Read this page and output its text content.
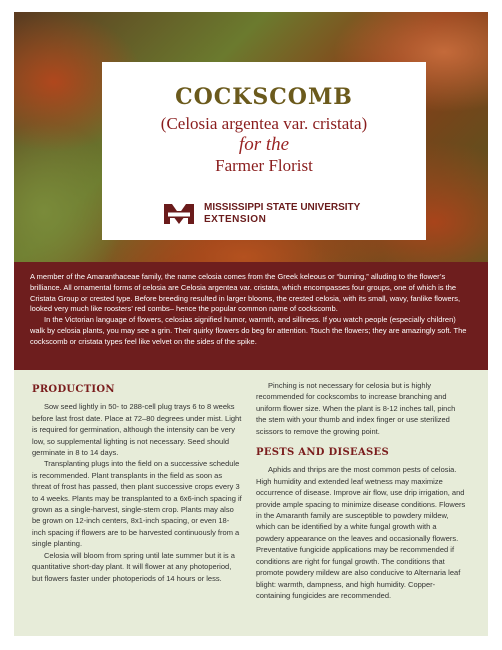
COCKSCOMB
(Celosia argentea var. cristata)
for the
Farmer Florist
MISSISSIPPI STATE UNIVERSITY
EXTENSION

A member of the Amaranthaceae family, the name celosia comes from the Greek keleous or “burning,” alluding to the flower’s brilliance. All ornamental forms of celosia are Celosia argentea var. cristata, which encompasses four groups, one of which is the Cristata Group or crested type. Before breeding resulted in larger blooms, the crested celosia, with its small, wavy, fanlike flowers, looked very much like roosters’ red combs– hence the popular common name of cockscomb.

In the Victorian language of flowers, celosias signified humor, warmth, and silliness. If you watch people (especially children) walk by celosia plants, you may see a grin. Their quirky flowers do beg for attention. Touch the flowers; they are amazingly soft. The cockscomb or cristata types feel like velvet on the sides of the spike.

PRODUCTION

Sow seed lightly in 50- to 288-cell plug trays 6 to 8 weeks before last frost date. Place at 72–80 degrees under mist. Light is required for germination, although the intensity can be very low, so supplemental lighting is not necessary. Seed should germinate in 8 to 14 days.

Transplanting plugs into the field on a successive schedule is recommended. Plant transplants in the field as soon as threat of frost has passed, then plant successive crops every 3 to 4 weeks. Plants may be transplanted to a 6x6-inch spacing if grown as a single-harvest, single-stem crop. Plants may also be grown on 12-inch centers, 8x1-inch spacing, or even 18-inch spacing if flowers are to be harvested continuously from a single planting.

Celosia will bloom from spring until late summer but it is a quantitative short-day plant. It will flower at any photoperiod, but flowers faster under photoperiods of 14 hours or less.

Pinching is not necessary for celosia but is highly recommended for cockscombs to increase branching and uniform flower size. When the plant is 8-12 inches tall, pinch the stem with your thumb and index finger or use sterilized scissors to remove the growing point.

PESTS AND DISEASES

Aphids and thrips are the most common pests of celosia. High humidity and extended leaf wetness may maximize occurrence of disease. Improve air flow, use drip irrigation, and provide ample spacing to minimize disease conditions. Flowers in the Amaranth family are susceptible to powdery mildew, which can be identified by a white fungal growth with a powdery appearance on the leaves and occasionally flowers. Preventative fungicide applications may be recommended if conditions are right for fungal growth. The conditions that promote powdery mildew are also conducive to Alternaria leaf blight: warmth, dampness, and high humidity. Copper-containing fungicides are recommended.
